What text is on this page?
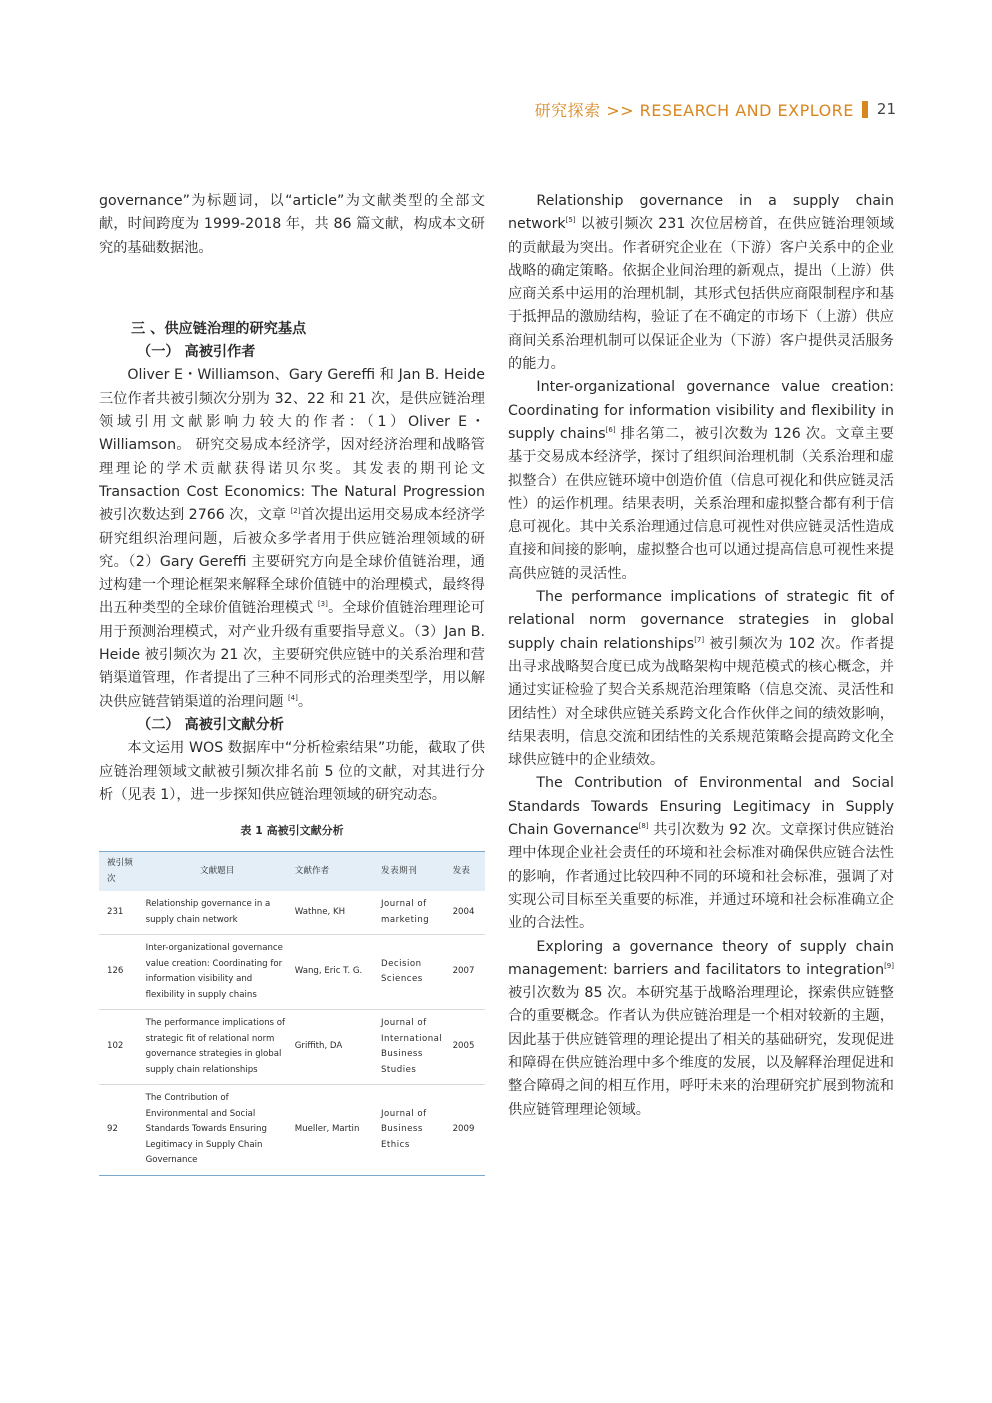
研究探索 >> RESEARCH AND EXPLORE 21

governance”为标题词，以“article”为文献类型的全部文献，时间跨度为 1999-2018 年，共 86 篇文献，构成本文研究的基础数据池。

三 、供应链治理的研究基点
（一） 高被引作者

Oliver E・Williamson、Gary Gereffi 和 Jan B. Heide 三位作者共被引频次分别为 32、22 和 21 次，是供应链治理领域引用文献影响力较大的作者：（1）Oliver E・Williamson。 研究交易成本经济学，因对经济治理和战略管理理论的学术贡献获得诺贝尔奖。其发表的期刊论文 Transaction Cost Economics: The Natural Progression 被引次数达到 2766 次，文章 [2]首次提出运用交易成本经济学研究组织治理问题，后被众多学者用于供应链治理领域的研究。（2）Gary Gereffi 主要研究方向是全球价值链治理，通过构建一个理论框架来解释全球价值链中的治理模式，最终得出五种类型的全球价值链治理模式 [3]。全球价值链治理理论可用于预测治理模式，对产业升级有重要指导意义。（3）Jan B. Heide 被引频次为 21 次，主要研究供应链中的关系治理和营销渠道管理，作者提出了三种不同形式的治理类型学，用以解决供应链营销渠道的治理问题 [4]。

（二） 高被引文献分析

本文运用 WOS 数据库中“分析检索结果”功能，截取了供应链治理领域文献被引频次排名前 5 位的文献，对其进行分析（见表 1），进一步探知供应链治理领域的研究动态。

表 1 高被引文献分析
被引频次	文献题目	文献作者	发表期刊	发表
231	Relationship governance in a supply chain network	Wathne, KH	Journal of marketing	2004
126	Inter-organizational governance value creation: Coordinating for information visibility and flexibility in supply chains	Wang, Eric T. G.	Decision Sciences	2007
102	The performance implications of strategic fit of relational norm governance strategies in global supply chain relationships	Griffith, DA	Journal of International Business Studies	2005
92	The Contribution of Environmental and Social Standards Towards Ensuring Legitimacy in Supply Chain Governance	Mueller, Martin	Journal of Business Ethics	2009

Relationship governance in a supply chain network[5] 以被引频次 231 次位居榜首，在供应链治理领域的贡献最为突出。作者研究企业在（下游）客户关系中的企业战略的确定策略。依据企业间治理的新观点，提出（上游）供应商关系中运用的治理机制，其形式包括供应商限制程序和基于抵押品的激励结构，验证了在不确定的市场下（上游）供应商间关系治理机制可以保证企业为（下游）客户提供灵活服务的能力。

Inter-organizational governance value creation: Coordinating for information visibility and flexibility in supply chains[6] 排名第二，被引次数为 126 次。文章主要基于交易成本经济学，探讨了组织间治理机制（关系治理和虚拟整合）在供应链环境中创造价值（信息可视化和供应链灵活性）的运作机理。结果表明，关系治理和虚拟整合都有利于信息可视化。其中关系治理通过信息可视性对供应链灵活性造成直接和间接的影响，虚拟整合也可以通过提高信息可视性来提高供应链的灵活性。

The performance implications of strategic fit of relational norm governance strategies in global supply chain relationships[7] 被引频次为 102 次。作者提出寻求战略契合度已成为战略架构中规范模式的核心概念，并通过实证检验了契合关系规范治理策略（信息交流、灵活性和团结性）对全球供应链关系跨文化合作伙伴之间的绩效影响，结果表明，信息交流和团结性的关系规范策略会提高跨文化全球供应链中的企业绩效。

The Contribution of Environmental and Social Standards Towards Ensuring Legitimacy in Supply Chain Governance[8] 共引次数为 92 次。文章探讨供应链治理中体现企业社会责任的环境和社会标准对确保供应链合法性的影响，作者通过比较四种不同的环境和社会标准，强调了对实现公司目标至关重要的标准，并通过环境和社会标准确立企业的合法性。

Exploring a governance theory of supply chain management: barriers and facilitators to integration[9] 被引次数为 85 次。本研究基于战略治理理论，探索供应链整合的重要概念。作者认为供应链治理是一个相对较新的主题，因此基于供应链管理的理论提出了相关的基础研究，发现促进和障碍在供应链治理中多个维度的发展，以及解释治理促进和整合障碍之间的相互作用，呼吁未来的治理研究扩展到物流和供应链管理理论领域。
